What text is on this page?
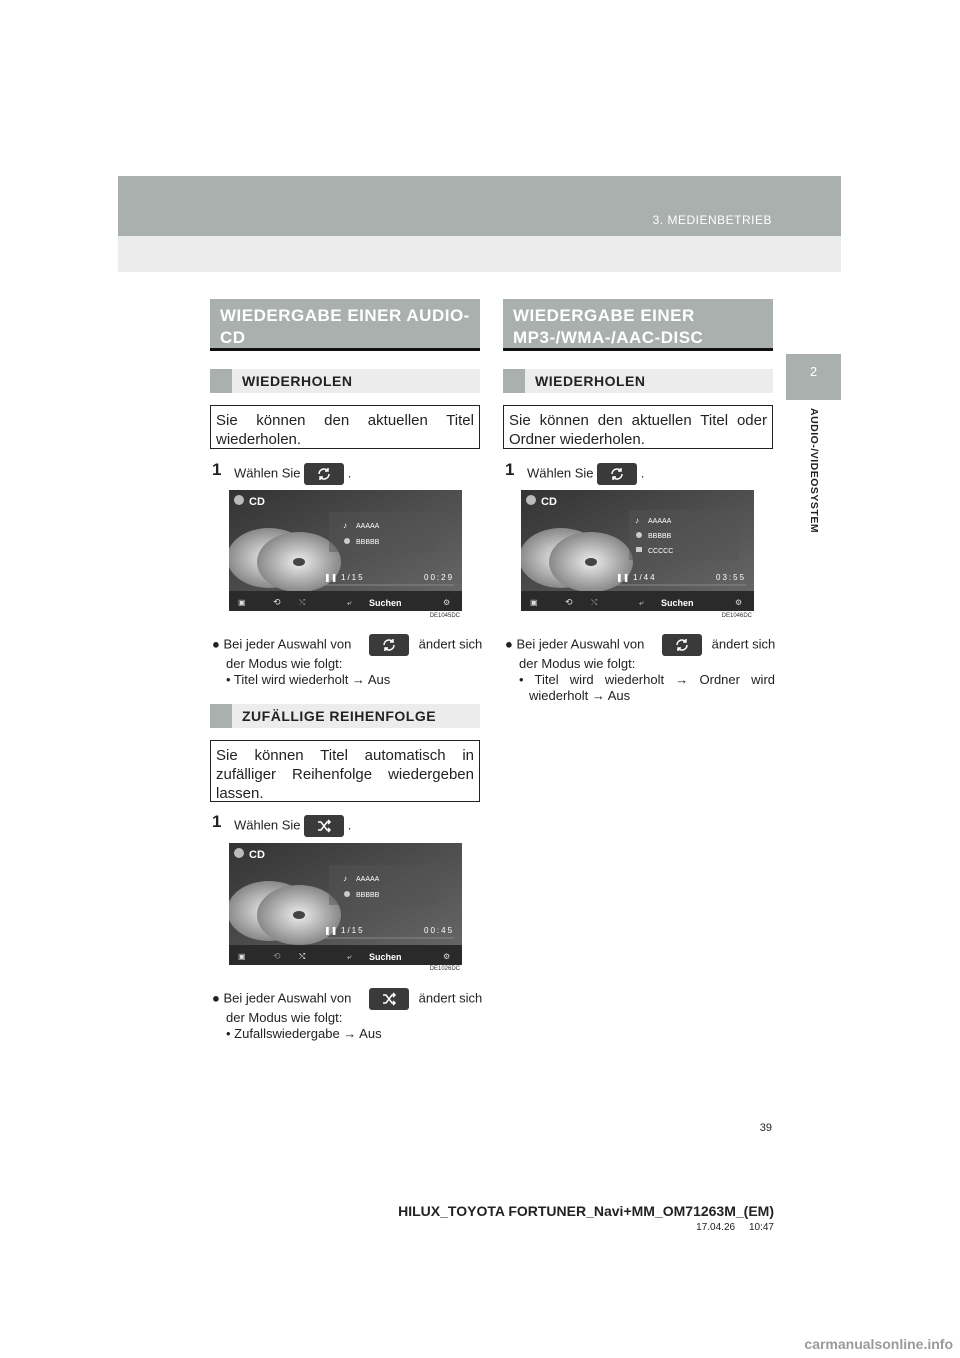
3. MEDIENBETRIEB
2
AUDIO-/VIDEOSYSTEM
WIEDERGABE EINER AUDIO-CD
WIEDERHOLEN
Sie können den aktuellen Titel wiederholen.
1 Wählen Sie	.
CD
♪ AAAAA
BBBBB
❚❚ 1/15	00:29
▣	⟲ ⤭	⤶ Suchen	⚙
DE1045DC
● Bei jeder Auswahl von	ändert sich
der Modus wie folgt:
• Titel wird wiederholt → Aus
ZUFÄLLIGE REIHENFOLGE
Sie können Titel automatisch in zufälliger Reihenfolge wiedergeben lassen.
1 Wählen Sie	.
CD
♪ AAAAA
BBBBB
❚❚ 1/15	00:45
▣	⟲ ⤭	⤶ Suchen	⚙
DE1026DC
● Bei jeder Auswahl von	ändert sich
der Modus wie folgt:
• Zufallswiedergabe → Aus
WIEDERGABE EINER MP3-/WMA-/AAC-DISC
WIEDERHOLEN
Sie können den aktuellen Titel oder Ordner wiederholen.
1 Wählen Sie	.
CD
♪ AAAAA
BBBBB
CCCCC
❚❚ 1/44	03:55
▣	⟲ ⤭	⤶ Suchen	⚙
DE1046DC
● Bei jeder Auswahl von	ändert sich
der Modus wie folgt:
• Titel wird wiederholt → Ordner wird
wiederholt → Aus
39
HILUX_TOYOTA FORTUNER_Navi+MM_OM71263M_(EM)
17.04.26     10:47
carmanualsonline.info
